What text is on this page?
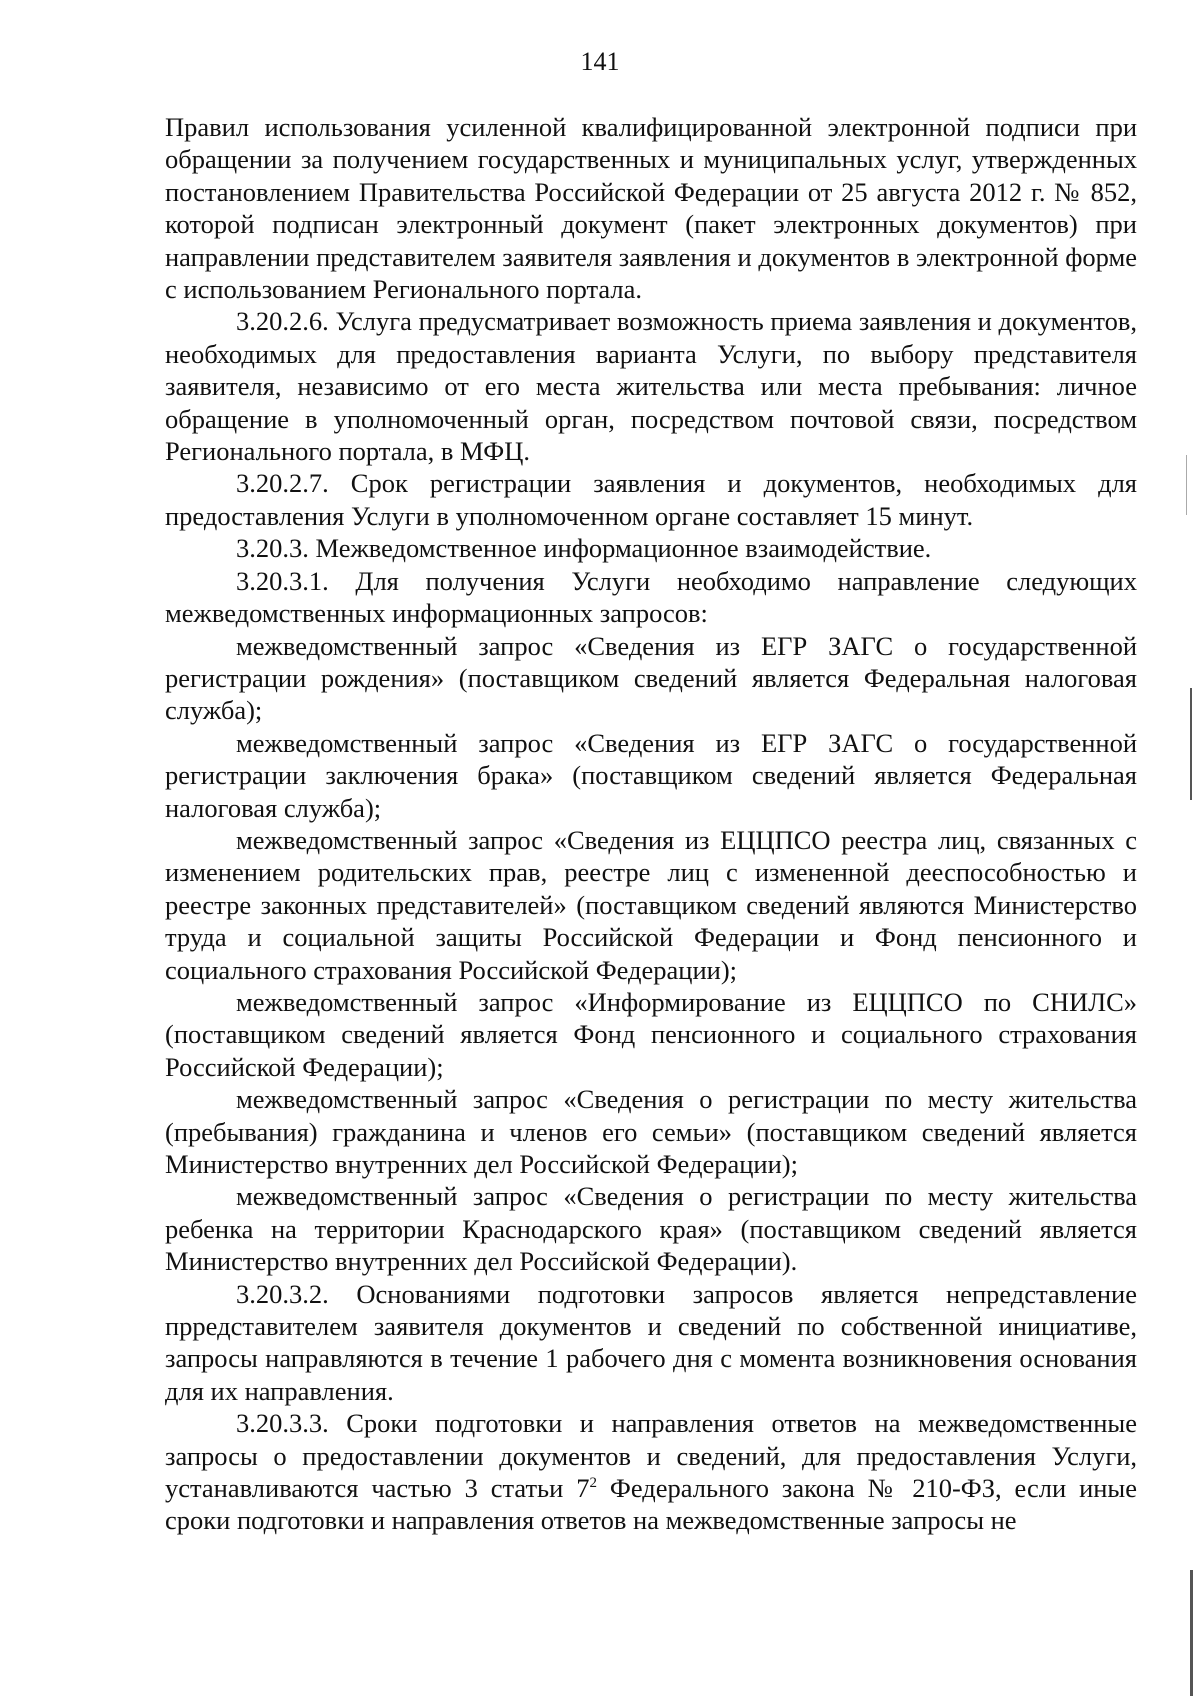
141

Правил использования усиленной квалифицированной электронной подписи при обращении за получением государственных и муниципальных услуг, утвержденных постановлением Правительства Российской Федерации от 25 августа 2012 г. № 852, которой подписан электронный документ (пакет электронных документов) при направлении представителем заявителя заявления и документов в электронной форме с использованием Регионального портала.

3.20.2.6. Услуга предусматривает возможность приема заявления и документов, необходимых для предоставления варианта Услуги, по выбору представителя заявителя, независимо от его места жительства или места пребывания: личное обращение в уполномоченный орган, посредством почтовой связи, посредством Регионального портала, в МФЦ.

3.20.2.7. Срок регистрации заявления и документов, необходимых для предоставления Услуги в уполномоченном органе составляет 15 минут.

3.20.3. Межведомственное информационное взаимодействие.

3.20.3.1. Для получения Услуги необходимо направление следующих межведомственных информационных запросов:

межведомственный запрос «Сведения из ЕГР ЗАГС о государственной регистрации рождения» (поставщиком сведений является Федеральная налоговая служба);

межведомственный запрос «Сведения из ЕГР ЗАГС о государственной регистрации заключения брака» (поставщиком сведений является Федеральная налоговая служба);

межведомственный запрос «Сведения из ЕЦЦПСО реестра лиц, связанных с изменением родительских прав, реестре лиц с измененной дееспособностью и реестре законных представителей» (поставщиком сведений являются Министерство труда и социальной защиты Российской Федерации и Фонд пенсионного и социального страхования Российской Федерации);

межведомственный запрос «Информирование из ЕЦЦПСО по СНИЛС» (поставщиком сведений является Фонд пенсионного и социального страхования Российской Федерации);

межведомственный запрос «Сведения о регистрации по месту жительства (пребывания) гражданина и членов его семьи» (поставщиком сведений является Министерство внутренних дел Российской Федерации);

межведомственный запрос «Сведения о регистрации по месту жительства ребенка на территории Краснодарского края» (поставщиком сведений является Министерство внутренних дел Российской Федерации).

3.20.3.2. Основаниями подготовки запросов является непредставление прредставителем заявителя документов и сведений по собственной инициативе, запросы направляются в течение 1 рабочего дня с момента возникновения основания для их направления.

3.20.3.3. Сроки подготовки и направления ответов на межведомственные запросы о предоставлении документов и сведений, для предоставления Услуги, устанавливаются частью 3 статьи $7^2$ Федерального закона № 210-ФЗ, если иные сроки подготовки и направления ответов на межведомственные запросы не
